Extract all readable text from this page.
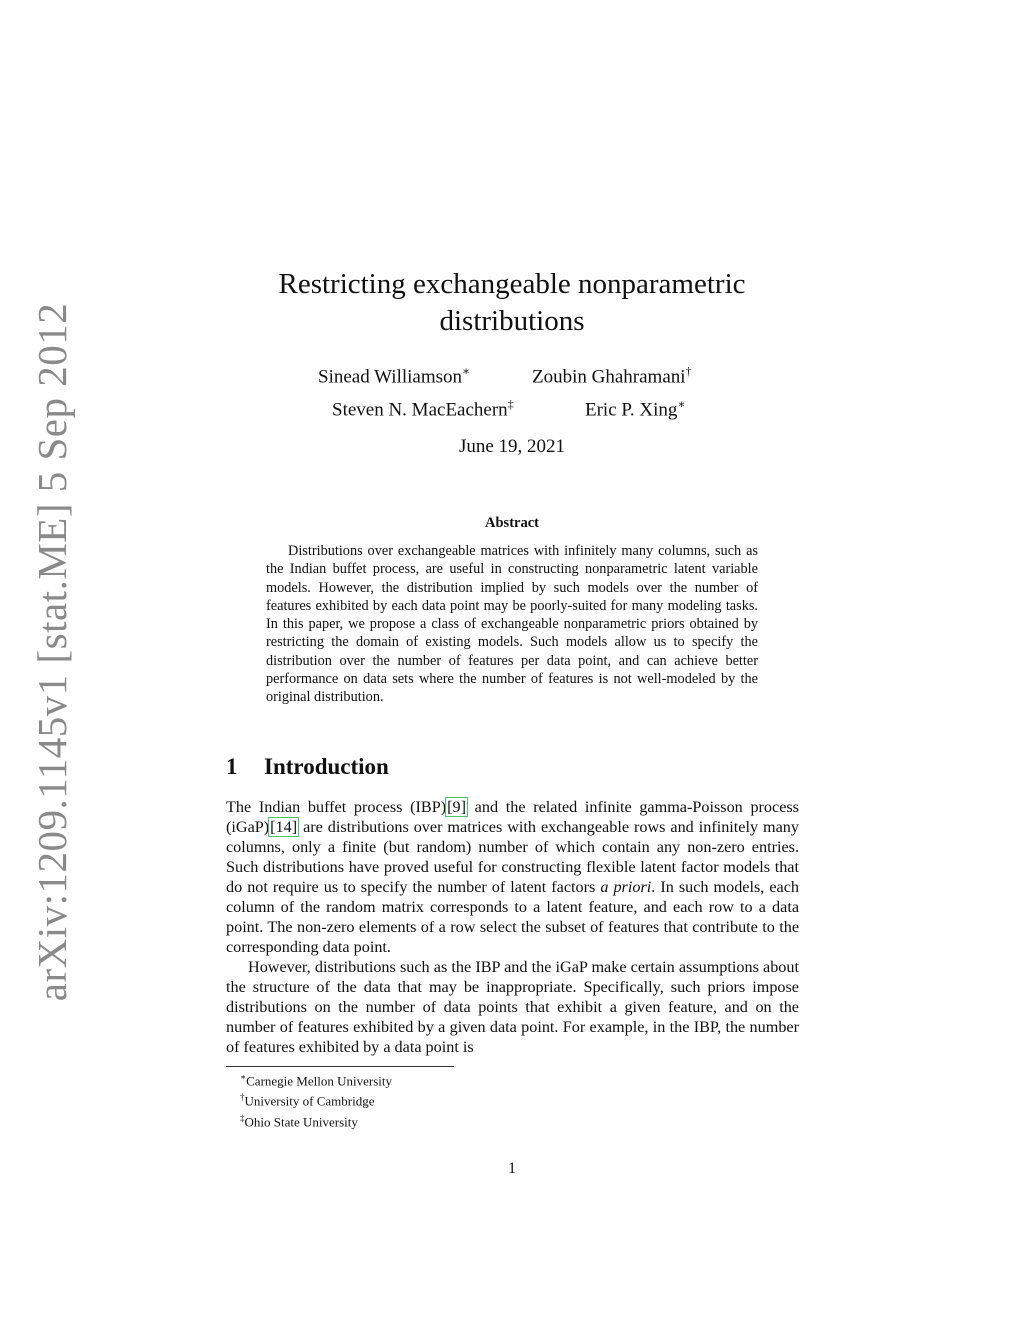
arXiv:1209.1145v1 [stat.ME] 5 Sep 2012
Restricting exchangeable nonparametric
distributions
Sinead Williamson∗	Zoubin Ghahramani†
Steven N. MacEachern‡	Eric P. Xing∗
June 19, 2021
Abstract

Distributions over exchangeable matrices with infinitely many columns, such as the Indian buffet process, are useful in constructing nonparametric latent variable models. However, the distribution implied by such models over the number of features exhibited by each data point may be poorly-suited for many modeling tasks. In this paper, we propose a class of exchangeable nonparametric priors obtained by restricting the domain of existing models. Such models allow us to specify the distribution over the number of features per data point, and can achieve better performance on data sets where the number of features is not well-modeled by the original distribution.

1 Introduction

The Indian buffet process (IBP)[9] and the related infinite gamma-Poisson process (iGaP)[14] are distributions over matrices with exchangeable rows and infinitely many columns, only a finite (but random) number of which contain any non-zero entries. Such distributions have proved useful for constructing flexible latent factor models that do not require us to specify the number of latent factors a priori. In such models, each column of the random matrix corresponds to a latent feature, and each row to a data point. The non-zero elements of a row select the subset of features that contribute to the corresponding data point.

However, distributions such as the IBP and the iGaP make certain assumptions about the structure of the data that may be inappropriate. Specifically, such priors impose distributions on the number of data points that exhibit a given feature, and on the number of features exhibited by a given data point. For example, in the IBP, the number of features exhibited by a data point is

∗Carnegie Mellon University
†University of Cambridge
‡Ohio State University
1
